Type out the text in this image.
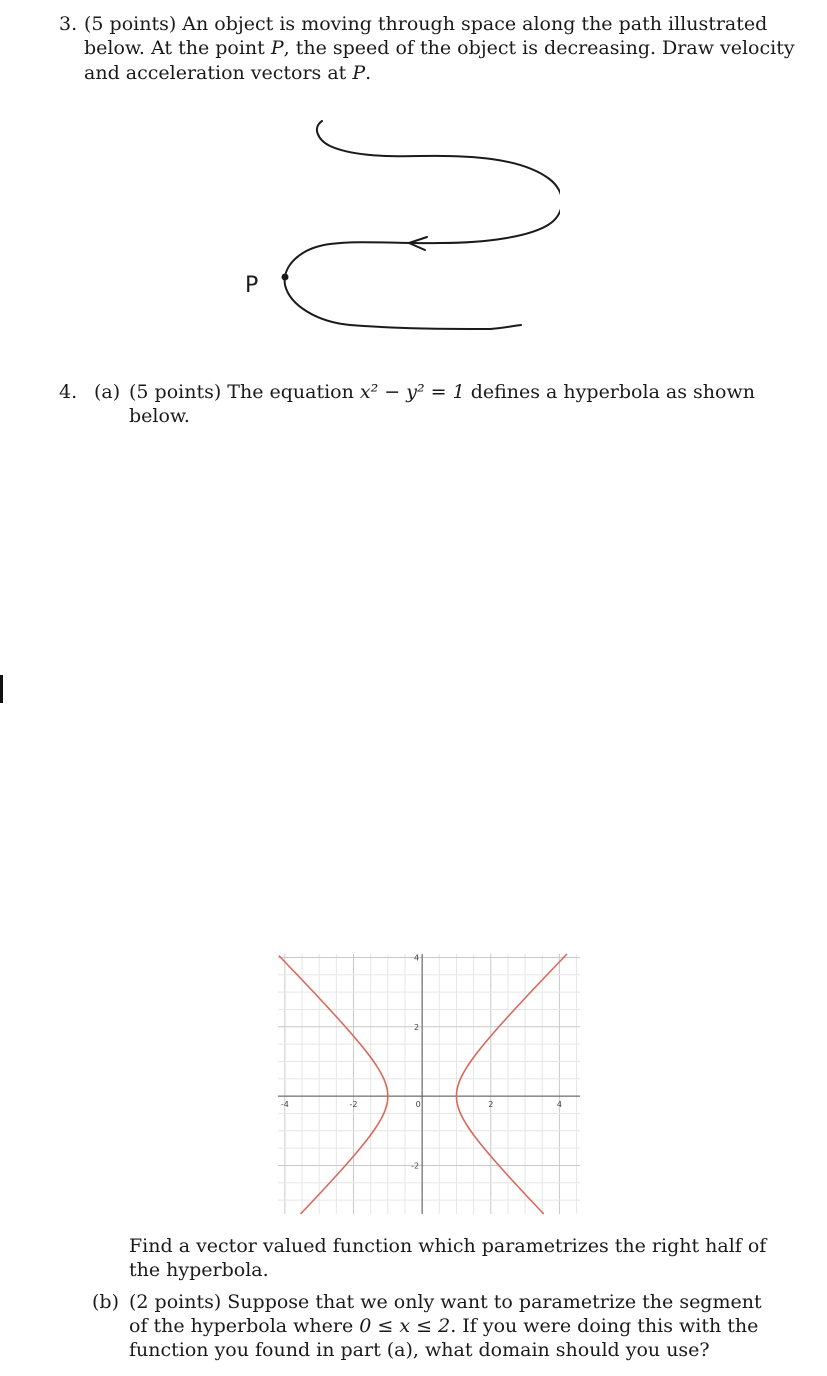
3. (5 points) An object is moving through space along the path illustrated
below. At the point P, the speed of the object is decreasing. Draw velocity
and acceleration vectors at P.
P
4. (a) (5 points) The equation x² − y² = 1 defines a hyperbola as shown
below.
-4	-2	0	2	4
-2
2
4
Find a vector valued function which parametrizes the right half of
the hyperbola.
(b) (2 points) Suppose that we only want to parametrize the segment
of the hyperbola where 0 ≤ x ≤ 2. If you were doing this with the
function you found in part (a), what domain should you use?
